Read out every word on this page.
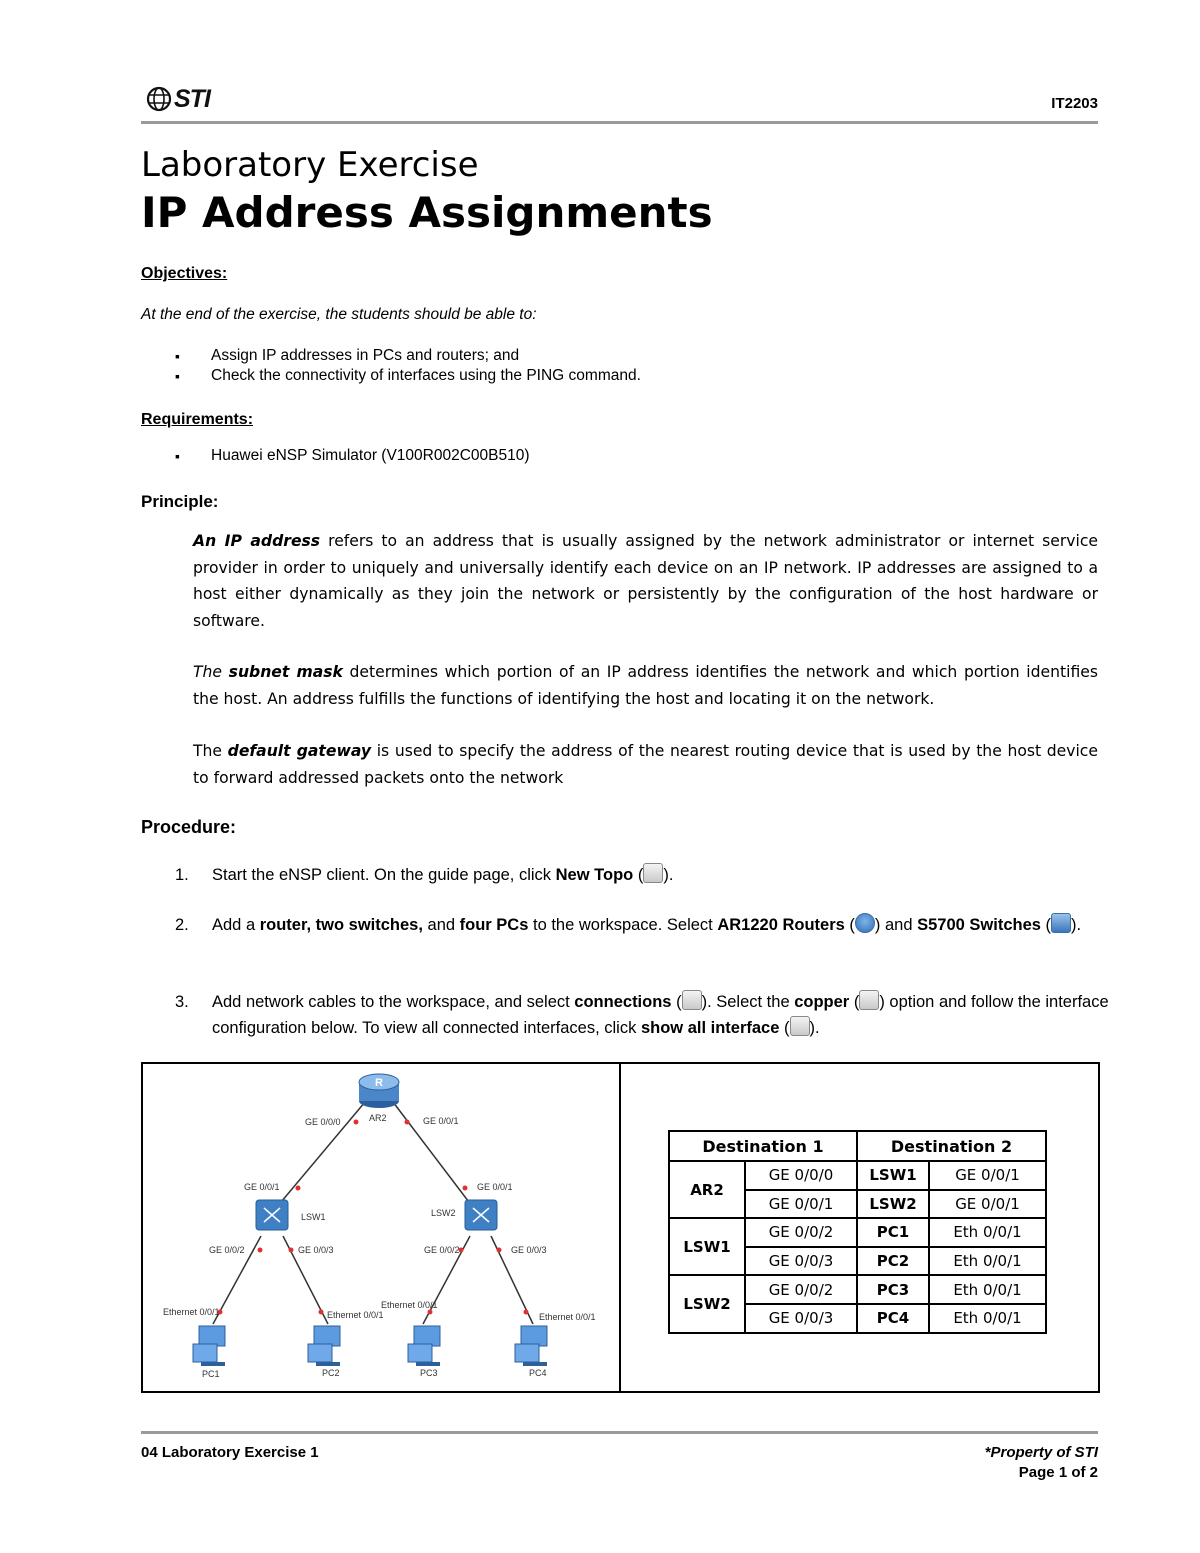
STI	IT2203
Laboratory Exercise
IP Address Assignments
Objectives:
At the end of the exercise, the students should be able to:
▪ Assign IP addresses in PCs and routers; and
▪ Check the connectivity of interfaces using the PING command.
Requirements:
▪ Huawei eNSP Simulator (V100R002C00B510)
Principle:
An IP address refers to an address that is usually assigned by the network administrator or internet service provider in order to uniquely and universally identify each device on an IP network. IP addresses are assigned to a host either dynamically as they join the network or persistently by the configuration of the host hardware or software.
The subnet mask determines which portion of an IP address identifies the network and which portion identifies the host. An address fulfills the functions of identifying the host and locating it on the network.
The default gateway is used to specify the address of the nearest routing device that is used by the host device to forward addressed packets onto the network
Procedure:
1. Start the eNSP client. On the guide page, click New Topo ( ).
2. Add a router, two switches, and four PCs to the workspace. Select AR1220 Routers ( ) and S5700 Switches ( ).
3. Add network cables to the workspace, and select connections ( ). Select the copper ( ) option and follow the interface configuration below. To view all connected interfaces, click show all interface ( ).
R
AR2
GE 0/0/0	GE 0/0/1
LSW1
GE 0/0/1
GE 0/0/2	GE 0/0/3
LSW2
GE 0/0/1
GE 0/0/2	GE 0/0/3
Ethernet 0/0/1	Ethernet 0/0/1
Ethernet 0/0/1
Ethernet 0/0/1
PC1	PC2	PC3	PC4
Destination 1		Destination 2	
AR2	GE 0/0/0	LSW1	GE 0/0/1
	GE 0/0/1	LSW2	GE 0/0/1
LSW1	GE 0/0/2	PC1	Eth 0/0/1
	GE 0/0/3	PC2	Eth 0/0/1
LSW2	GE 0/0/2	PC3	Eth 0/0/1
	GE 0/0/3	PC4	Eth 0/0/1
04 Laboratory Exercise 1	*Property of STI
Page 1 of 2
